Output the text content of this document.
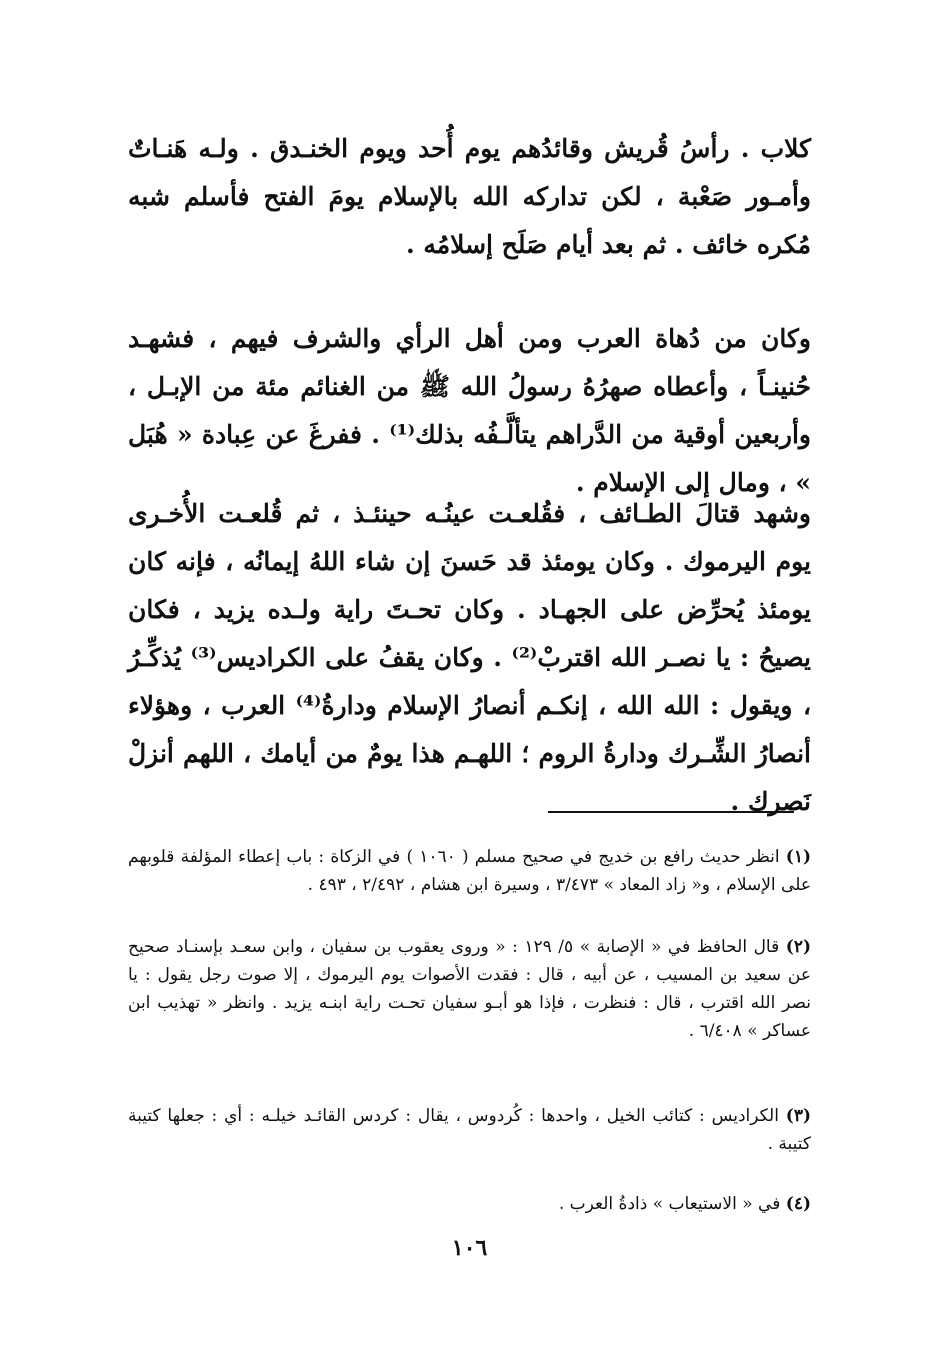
كلاب . رأسُ قُريش وقائدُهم يوم أُحد ويوم الخنـدق . ولـه هَنـاتٌ وأمـور صَعْبة ، لكن تداركه الله بالإسلام يومَ الفتح فأسلم شبه مُكره خائف . ثم بعد أيام صَلَح إسلامُه .

وكان من دُهاة العرب ومن أهل الرأي والشرف فيهم ، فشهـد حُنينـاً ، وأعطاه صهرُهُ رسولُ الله ﷺ من الغنائم مئة من الإبـل ، وأربعين أوقية من الدَّراهم يتألَّـفُه بذلك⁽¹⁾ . ففرغَ عن عِبادة « هُبَل » ، ومال إلى الإسلام .

وشهد قتالَ الطـائف ، فقُلعـت عينُـه حينئـذ ، ثم قُلعـت الأُخـرى يوم اليرموك . وكان يومئذ قد حَسنَ إن شاء اللهُ إيمانُه ، فإنه كان يومئذ يُحرِّض على الجهـاد . وكان تحـتَ راية ولـده يزيد ، فكان يصيحُ : يا نصـر الله اقتربْ⁽²⁾ . وكان يقفُ على الكراديس⁽³⁾ يُذكِّـرُ ، ويقول : الله الله ، إنكـم أنصارُ الإسلام ودارةُ⁽⁴⁾ العرب ، وهؤلاء أنصارُ الشِّـرك ودارةُ الروم ؛ اللهـم هذا يومٌ من أيامك ، اللهم أنزلْ نَصرك .

(١) انظر حديث رافع بن خديج في صحيح مسلم ( ١٠٦٠ ) في الزكاة : باب إعطاء المؤلفة قلوبهم على الإسلام ، و« زاد المعاد » ٣/٤٧٣ ، وسيرة ابن هشام ، ٢/٤٩٢ ، ٤٩٣ .

(٢) قال الحافظ في « الإصابة » ٥/ ١٢٩ : « وروى يعقوب بن سفيان ، وابن سعـد بإسنـاد صحيح عن سعيد بن المسيب ، عن أبيه ، قال : فقدت الأصوات يوم اليرموك ، إلا صوت رجل يقول : يا نصر الله اقترب ، قال : فنظرت ، فإذا هو أبـو سفيان تحـت راية ابنـه يزيد . وانظر « تهذيب ابن عساكر » ٦/٤٠٨ .

(٣) الكراديس : كتائب الخيل ، واحدها : كُردوس ، يقال : كردس القائـد خيلـه : أي : جعلها كتيبة كتيبة .

(٤) في « الاستيعاب » ذادةُ العرب .

١٠٦
